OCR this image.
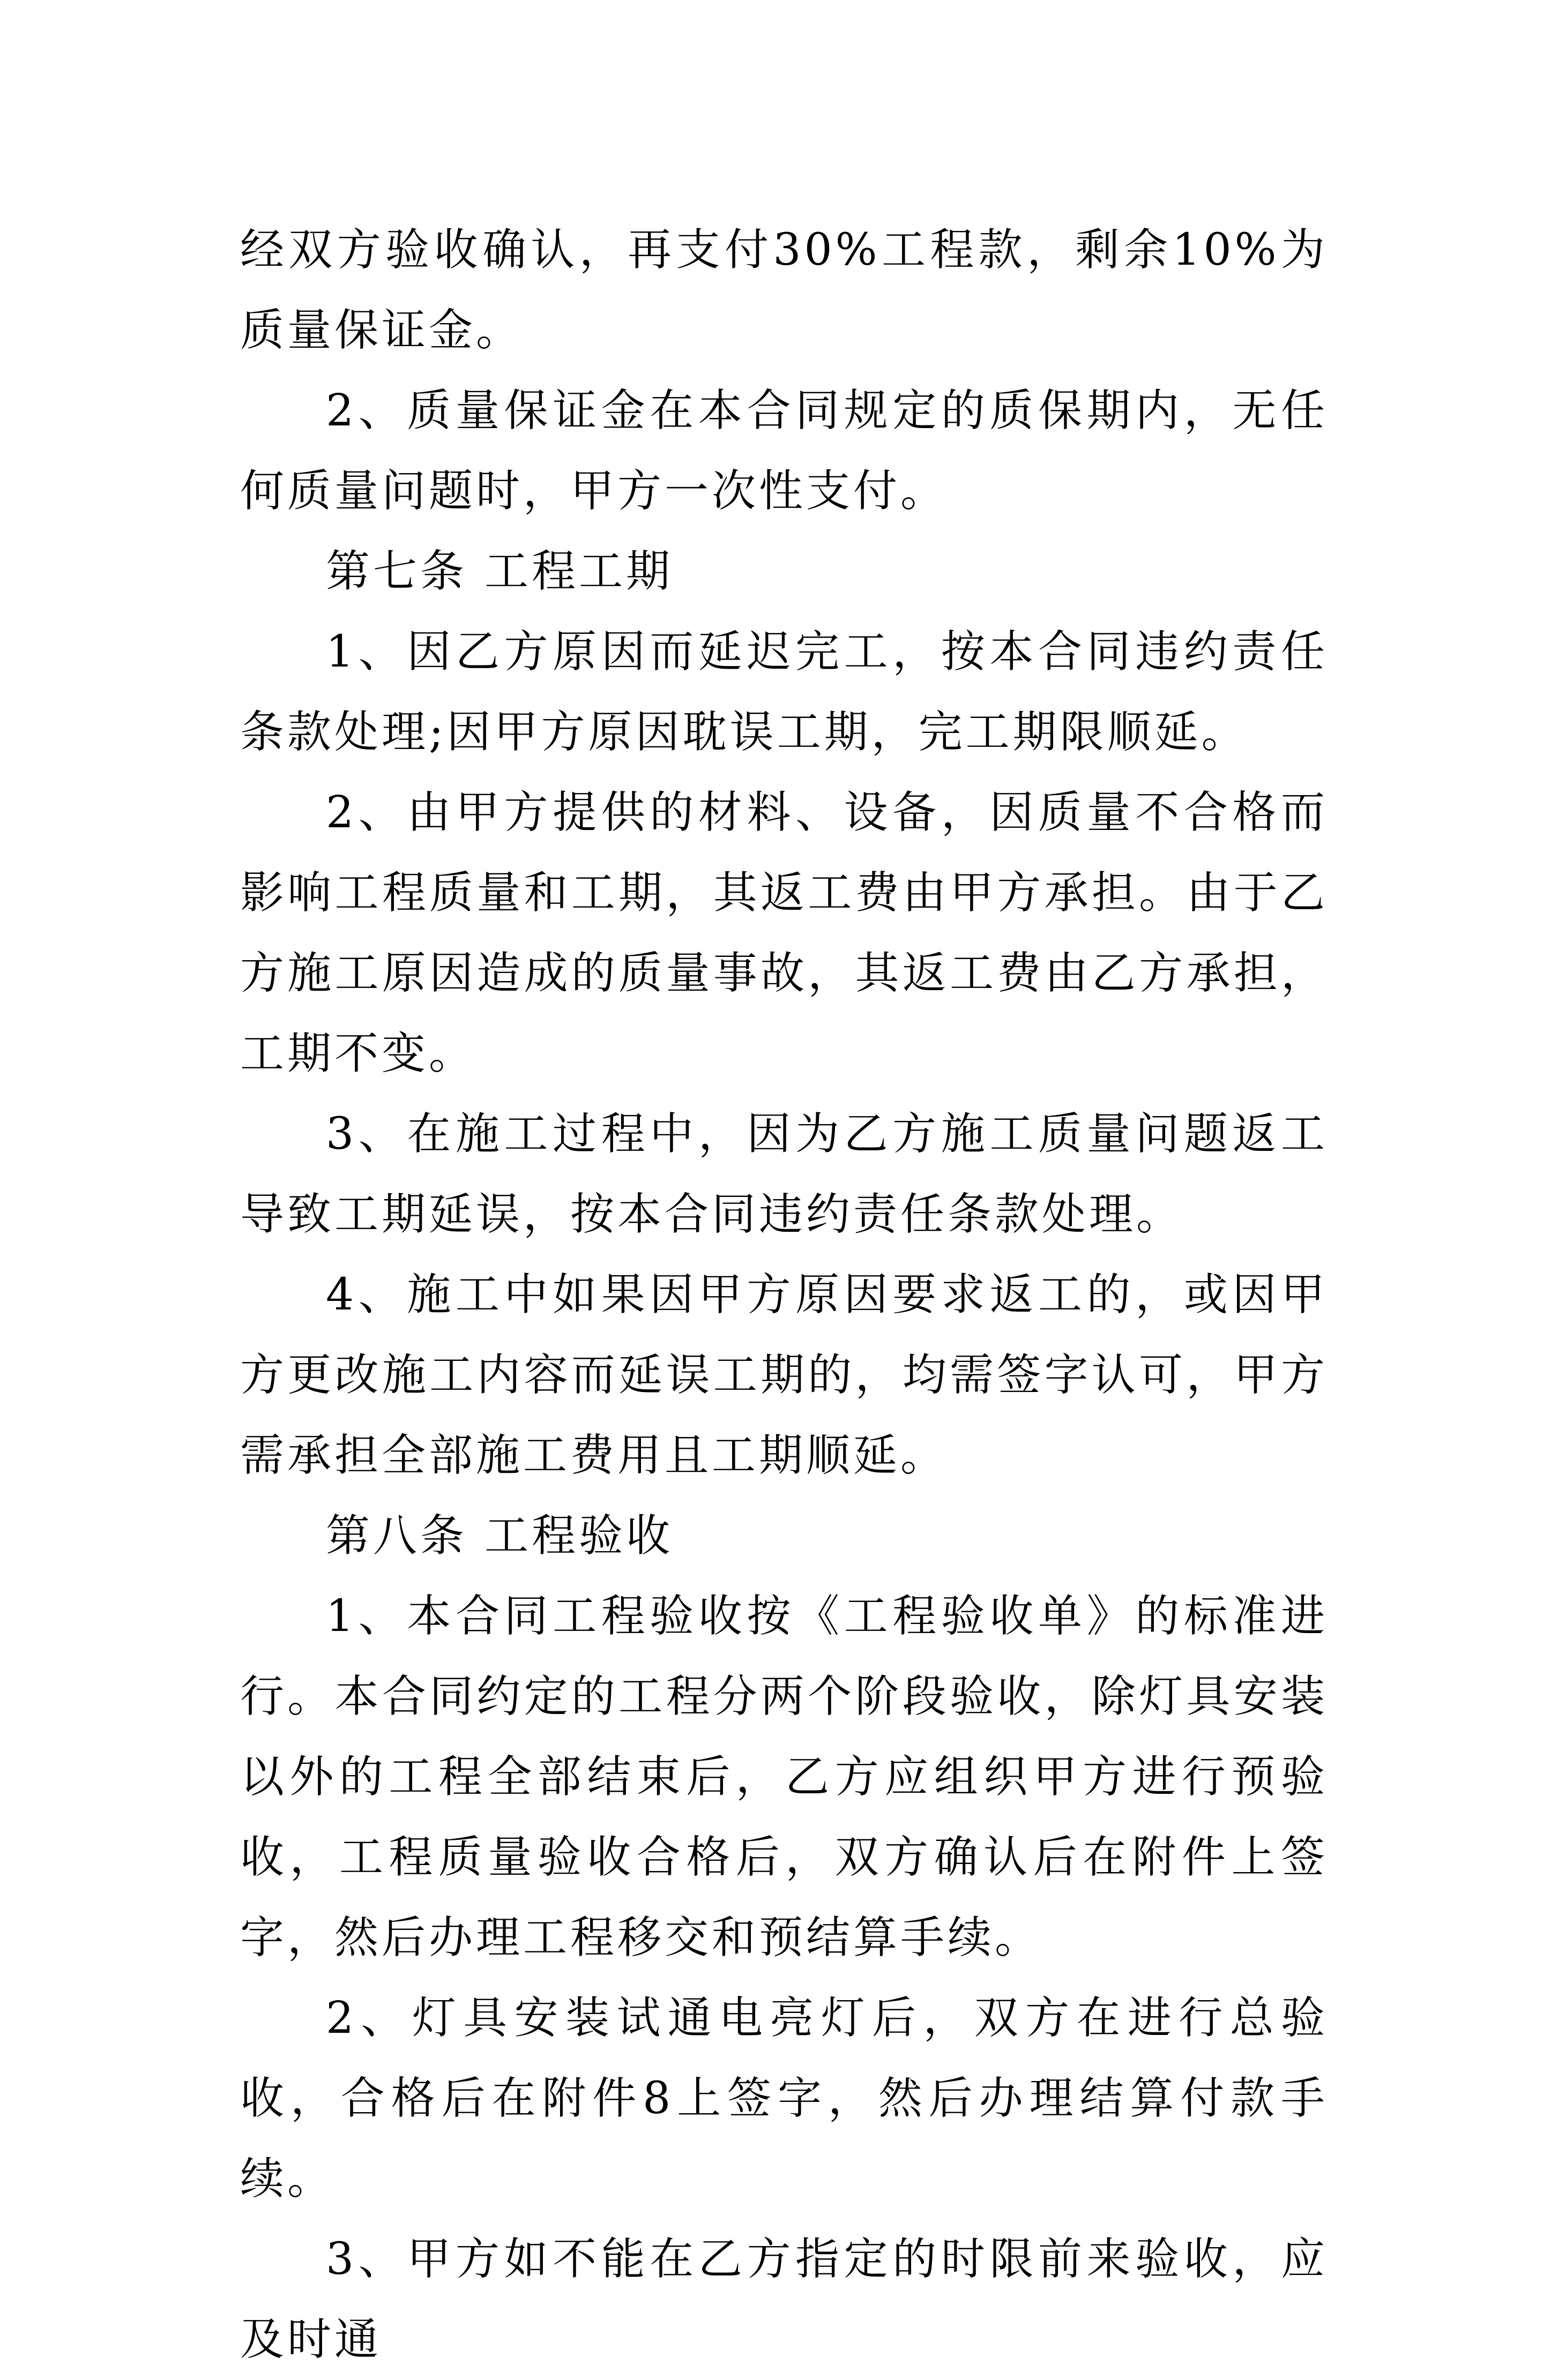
经双方验收确认，再支付30%工程款，剩余10%为质量保证金。

2、质量保证金在本合同规定的质保期内，无任何质量问题时，甲方一次性支付。

第七条 工程工期

1、因乙方原因而延迟完工，按本合同违约责任条款处理;因甲方原因耽误工期，完工期限顺延。

2、由甲方提供的材料、设备，因质量不合格而影响工程质量和工期，其返工费由甲方承担。由于乙方施工原因造成的质量事故，其返工费由乙方承担，工期不变。

3、在施工过程中，因为乙方施工质量问题返工导致工期延误，按本合同违约责任条款处理。

4、施工中如果因甲方原因要求返工的，或因甲方更改施工内容而延误工期的，均需签字认可，甲方需承担全部施工费用且工期顺延。

第八条 工程验收

1、本合同工程验收按《工程验收单》的标准进行。本合同约定的工程分两个阶段验收，除灯具安装以外的工程全部结束后，乙方应组织甲方进行预验收，工程质量验收合格后，双方确认后在附件上签字，然后办理工程移交和预结算手续。

2、灯具安装试通电亮灯后，双方在进行总验收，合格后在附件8上签字，然后办理结算付款手续。

3、甲方如不能在乙方指定的时限前来验收，应及时通
